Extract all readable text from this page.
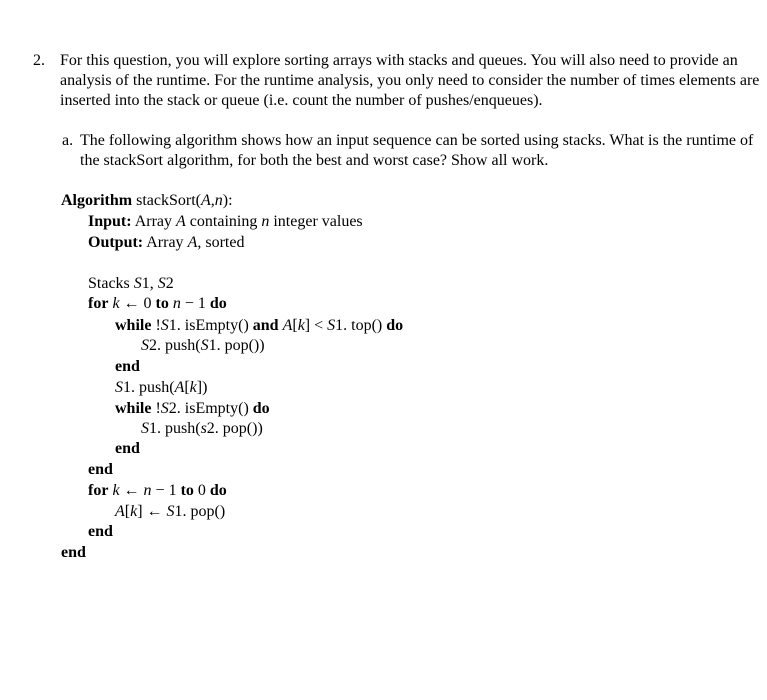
2. For this question, you will explore sorting arrays with stacks and queues. You will also need to provide an analysis of the runtime. For the runtime analysis, you only need to consider the number of times elements are inserted into the stack or queue (i.e. count the number of pushes/enqueues).
a. The following algorithm shows how an input sequence can be sorted using stacks. What is the runtime of the stackSort algorithm, for both the best and worst case? Show all work.
Algorithm stackSort(A,n):
Input: Array A containing n integer values
Output: Array A, sorted
Stacks S1, S2
for k ← 0 to n − 1 do
while !S1. isEmpty() and A[k] < S1. top() do
S2. push(S1. pop())
end
S1. push(A[k])
while !S2. isEmpty() do
S1. push(s2. pop())
end
end
for k ← n − 1 to 0 do
A[k] ← S1. pop()
end
end
